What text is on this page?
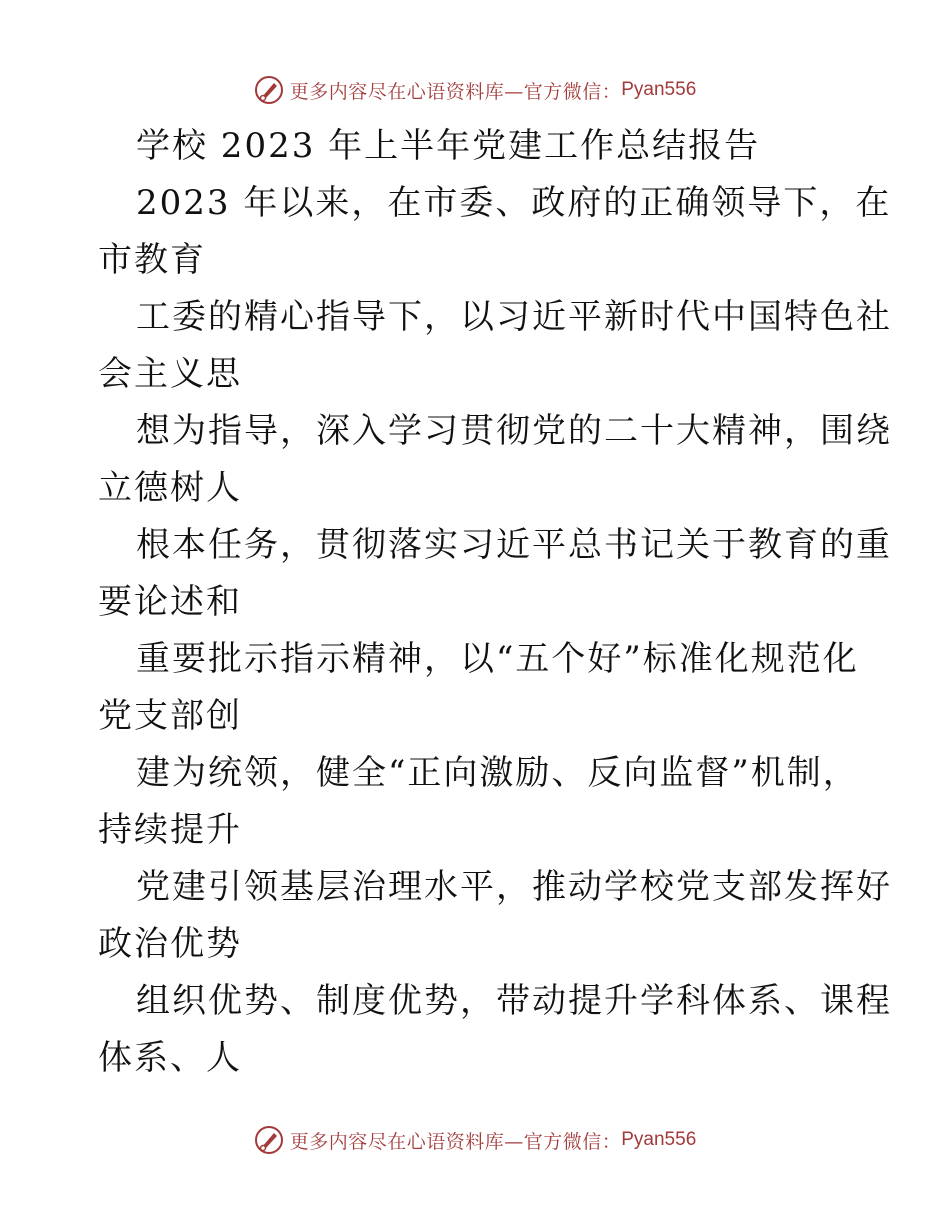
更多内容尽在心语资料库—官方微信： Pyan556
学校 2023 年上半年党建工作总结报告
2023 年以来，在市委、政府的正确领导下，在
市教育
工委的精心指导下，以习近平新时代中国特色社
会主义思
想为指导，深入学习贯彻党的二十大精神，围绕
立德树人
根本任务，贯彻落实习近平总书记关于教育的重
要论述和
重要批示指示精神，以“五个好”标准化规范化
党支部创
建为统领，健全“正向激励、反向监督”机制，
持续提升
党建引领基层治理水平，推动学校党支部发挥好
政治优势
组织优势、制度优势，带动提升学科体系、课程
体系、人
更多内容尽在心语资料库—官方微信： Pyan556
